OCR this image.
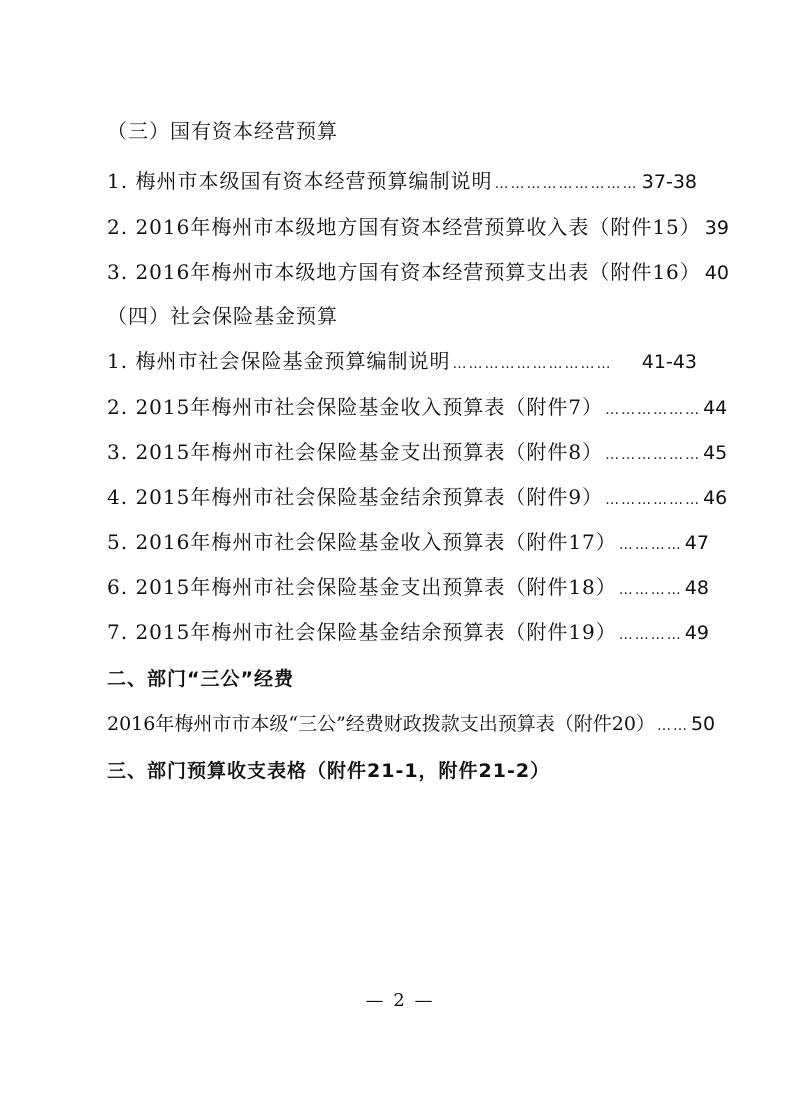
（三）国有资本经营预算
1. 梅州市本级国有资本经营预算编制说明 ……………………… 37-38
2. 2016年梅州市本级地方国有资本经营预算收入表（附件15） 39
3. 2016年梅州市本级地方国有资本经营预算支出表（附件16） 40
（四）社会保险基金预算
1. 梅州市社会保险基金预算编制说明 …………………………	41-43
2. 2015年梅州市社会保险基金收入预算表（附件7） ……………… 44
3. 2015年梅州市社会保险基金支出预算表（附件8） ……………… 45
4. 2015年梅州市社会保险基金结余预算表（附件9） ……………… 46
5. 2016年梅州市社会保险基金收入预算表（附件17） ………… 47
6. 2015年梅州市社会保险基金支出预算表（附件18） ………… 48
7. 2015年梅州市社会保险基金结余预算表（附件19） ………… 49
二、部门“三公”经费
2016年梅州市市本级“三公”经费财政拨款支出预算表（附件20） …… 50
三、部门预算收支表格（附件21-1，附件21-2）
— 2 —
